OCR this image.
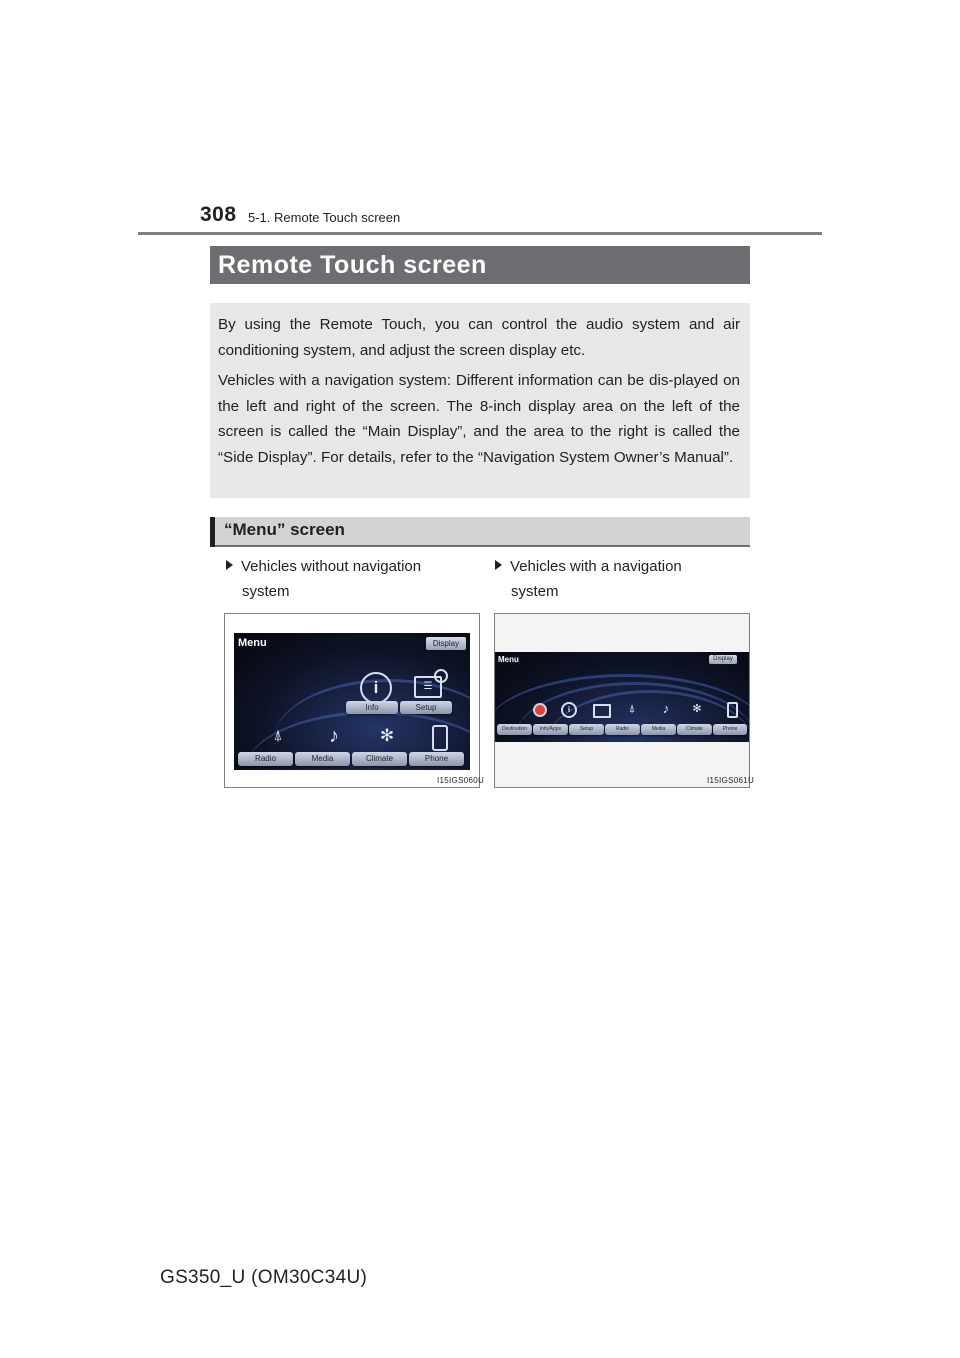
308 5-1. Remote Touch screen
Remote Touch screen

By using the Remote Touch, you can control the audio system and air conditioning system, and adjust the screen display etc.

Vehicles with a navigation system: Different information can be dis-played on the left and right of the screen. The 8-inch display area on the left of the screen is called the “Main Display”, and the area to the right is called the “Side Display”. For details, refer to the “Navigation System Owner’s Manual”.

“Menu” screen
Vehicles without navigation
system
Vehicles with a navigation
system
Menu	Display
i	☰
Info	Setup
⍋ ♪	✻
Radio	Media	Climate	Phone
I15IGS060U
Menu	Display
i	⍋ ♪	✻
Destination	Info/Apps	Setup	Radio	Media	Climate	Phone
I15IGS061U
GS350_U (OM30C34U)
